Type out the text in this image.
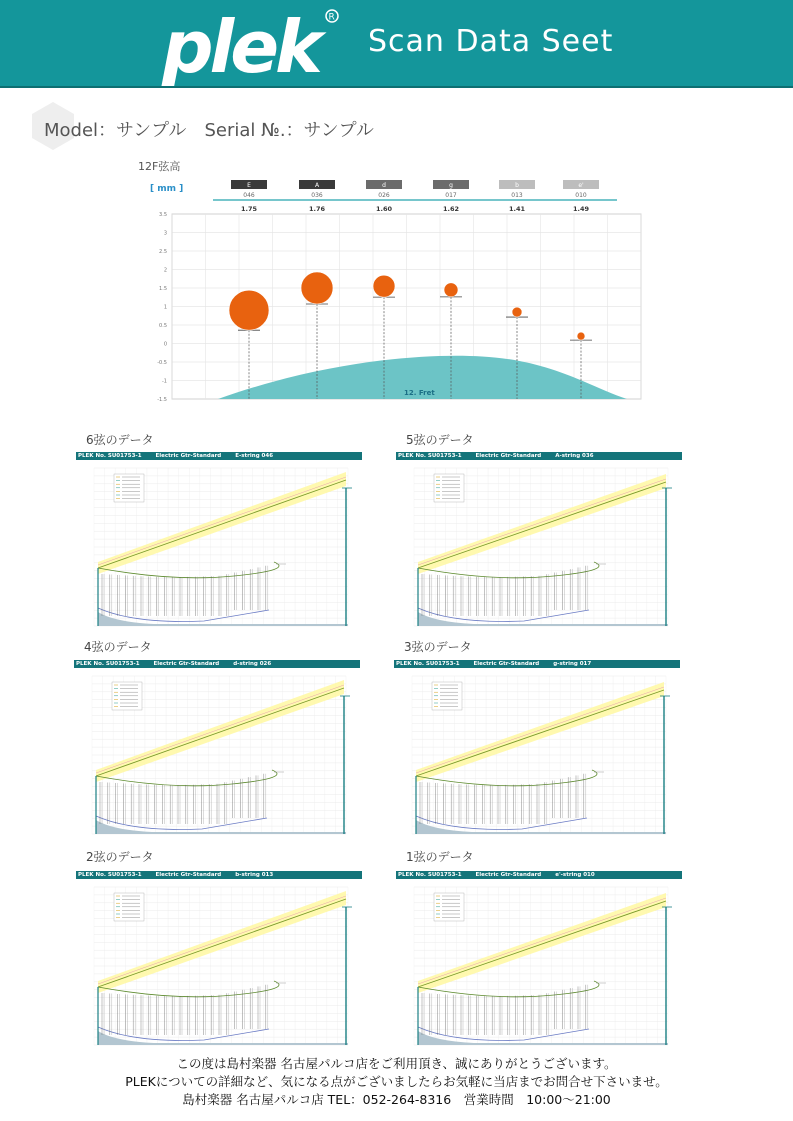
plek	R
Scan Data Seet
Model：サンプル Serial №.：サンプル
12F弦高
[ mm ]
3.5
3
2.5
2
1.5
1
0.5
0
-0.5
-1
-1.5
12. Fret
E
046
1.75
A
036
1.76
d
026
1.60
g
017
1.62
b
013
1.41
e'
010
1.49
6弦のデータ
PLEK No. SU01753-1	Electric Gtr-Standard	E-string 046
5弦のデータ
PLEK No. SU01753-1	Electric Gtr-Standard	A-string 036
4弦のデータ
PLEK No. SU01753-1	Electric Gtr-Standard	d-string 026
3弦のデータ
PLEK No. SU01753-1	Electric Gtr-Standard	g-string 017
2弦のデータ
PLEK No. SU01753-1	Electric Gtr-Standard	b-string 013
1弦のデータ
PLEK No. SU01753-1	Electric Gtr-Standard	e'-string 010
この度は島村楽器 名古屋パルコ店をご利用頂き、誠にありがとうございます。
PLEKについての詳細など、気になる点がございましたらお気軽に当店までお問合せ下さいませ。
島村楽器 名古屋パルコ店 TEL：052-264-8316　営業時間　10:00〜21:00
